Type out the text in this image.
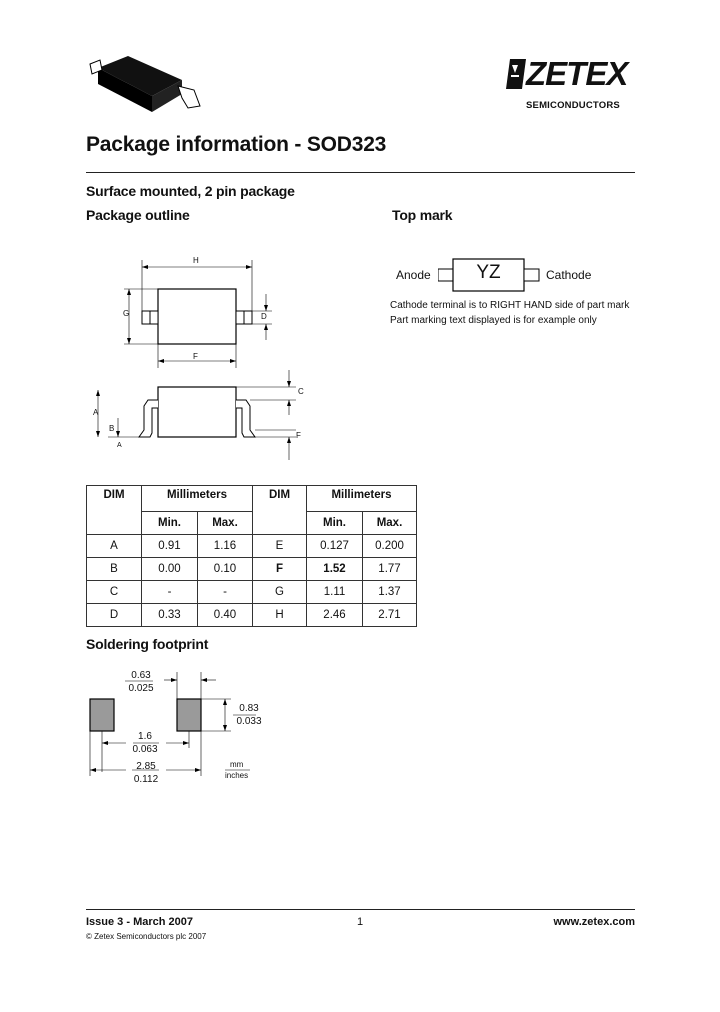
ZETEX
SEMICONDUCTORS
Package information - SOD323
Surface mounted, 2 pin package
Package outline	Top mark
H
G	D
F
C
F
A
B
A
Anode	YZ	Cathode
Cathode terminal is to RIGHT HAND side of part mark
Part marking text displayed is for example only
DIM	Millimeters		DIM	Millimeters	
	Min.	Max.		Min.	Max.
A	0.91	1.16	E	0.127	0.200
B	0.00	0.10	F	1.52	1.77
C	-	-	G	1.11	1.37
D	0.33	0.40	H	2.46	2.71
Soldering footprint
0.63
0.025
0.83
0.033
1.6
0.063
2.85
0.112
mm
inches
Issue 3 - March 2007	1	www.zetex.com
© Zetex Semiconductors plc 2007
